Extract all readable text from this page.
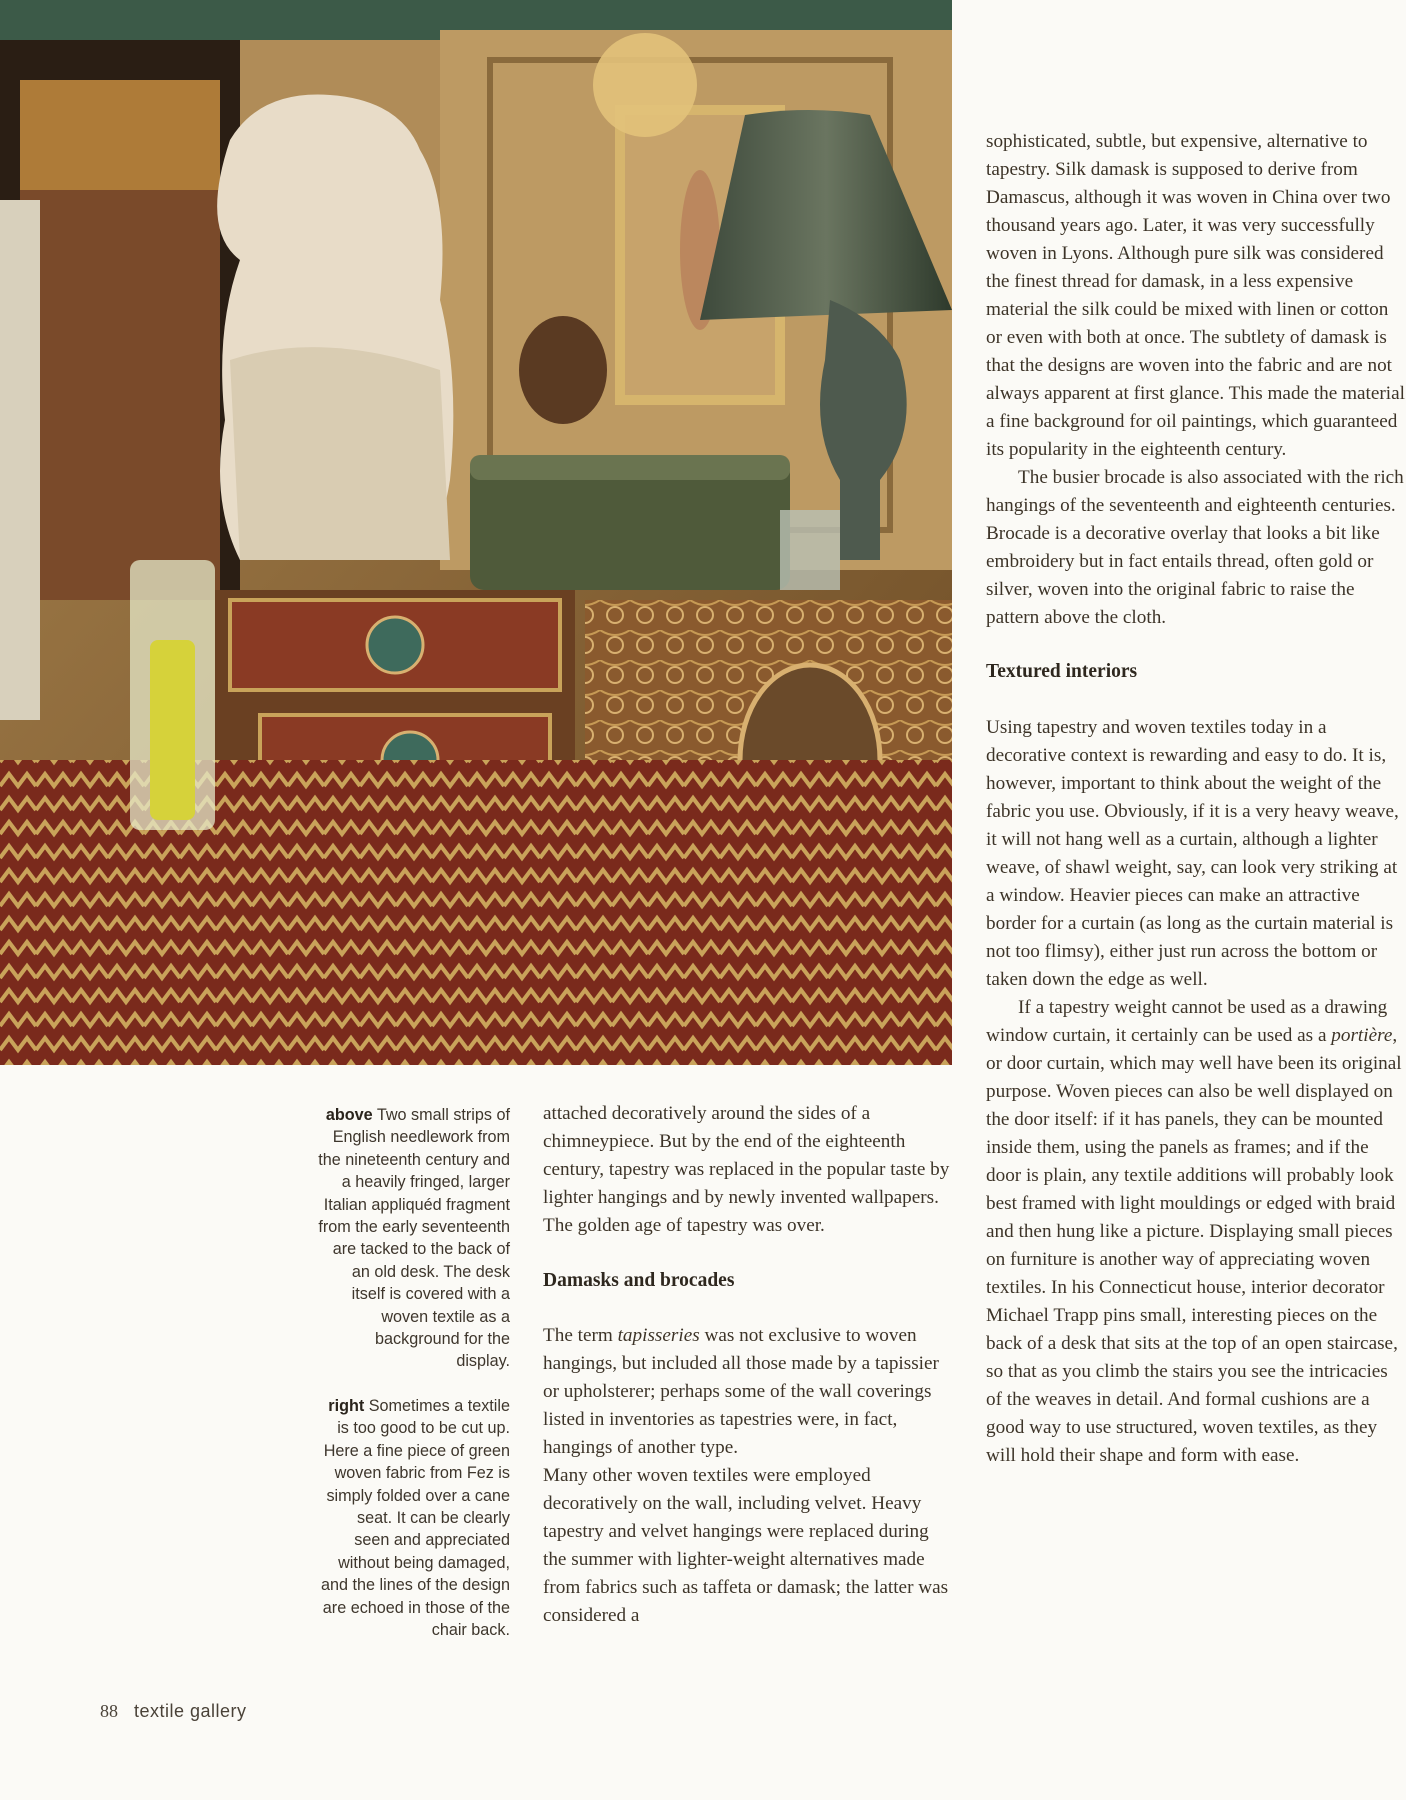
above Two small strips of English needlework from the nineteenth century and a heavily fringed, larger Italian appliquéd fragment from the early seventeenth are tacked to the back of an old desk. The desk itself is covered with a woven textile as a background for the display.

right Sometimes a textile is too good to be cut up. Here a fine piece of green woven fabric from Fez is simply folded over a cane seat. It can be clearly seen and appreciated without being damaged, and the lines of the design are echoed in those of the chair back.

attached decoratively around the sides of a chimneypiece. But by the end of the eighteenth century, tapestry was replaced in the popular taste by lighter hangings and by newly invented wallpapers. The golden age of tapestry was over.

Damasks and brocades

The term tapisseries was not exclusive to woven hangings, but included all those made by a tapissier or upholsterer; perhaps some of the wall coverings listed in inventories as tapestries were, in fact, hangings of another type.

Many other woven textiles were employed decoratively on the wall, including velvet. Heavy tapestry and velvet hangings were replaced during the summer with lighter-weight alternatives made from fabrics such as taffeta or damask; the latter was considered a

sophisticated, subtle, but expensive, alternative to tapestry. Silk damask is supposed to derive from Damascus, although it was woven in China over two thousand years ago. Later, it was very successfully woven in Lyons. Although pure silk was considered the finest thread for damask, in a less expensive material the silk could be mixed with linen or cotton or even with both at once. The subtlety of damask is that the designs are woven into the fabric and are not always apparent at first glance. This made the material a fine background for oil paintings, which guaranteed its popularity in the eighteenth century.

The busier brocade is also associated with the rich hangings of the seventeenth and eighteenth centuries. Brocade is a decorative overlay that looks a bit like embroidery but in fact entails thread, often gold or silver, woven into the original fabric to raise the pattern above the cloth.

Textured interiors

Using tapestry and woven textiles today in a decorative context is rewarding and easy to do. It is, however, important to think about the weight of the fabric you use. Obviously, if it is a very heavy weave, it will not hang well as a curtain, although a lighter weave, of shawl weight, say, can look very striking at a window. Heavier pieces can make an attractive border for a curtain (as long as the curtain material is not too flimsy), either just run across the bottom or taken down the edge as well.

If a tapestry weight cannot be used as a drawing window curtain, it certainly can be used as a portière, or door curtain, which may well have been its original purpose. Woven pieces can also be well displayed on the door itself: if it has panels, they can be mounted inside them, using the panels as frames; and if the door is plain, any textile additions will probably look best framed with light mouldings or edged with braid and then hung like a picture. Displaying small pieces on furniture is another way of appreciating woven textiles. In his Connecticut house, interior decorator Michael Trapp pins small, interesting pieces on the back of a desk that sits at the top of an open staircase, so that as you climb the stairs you see the intricacies of the weaves in detail. And formal cushions are a good way to use structured, woven textiles, as they will hold their shape and form with ease.

88 textile gallery
